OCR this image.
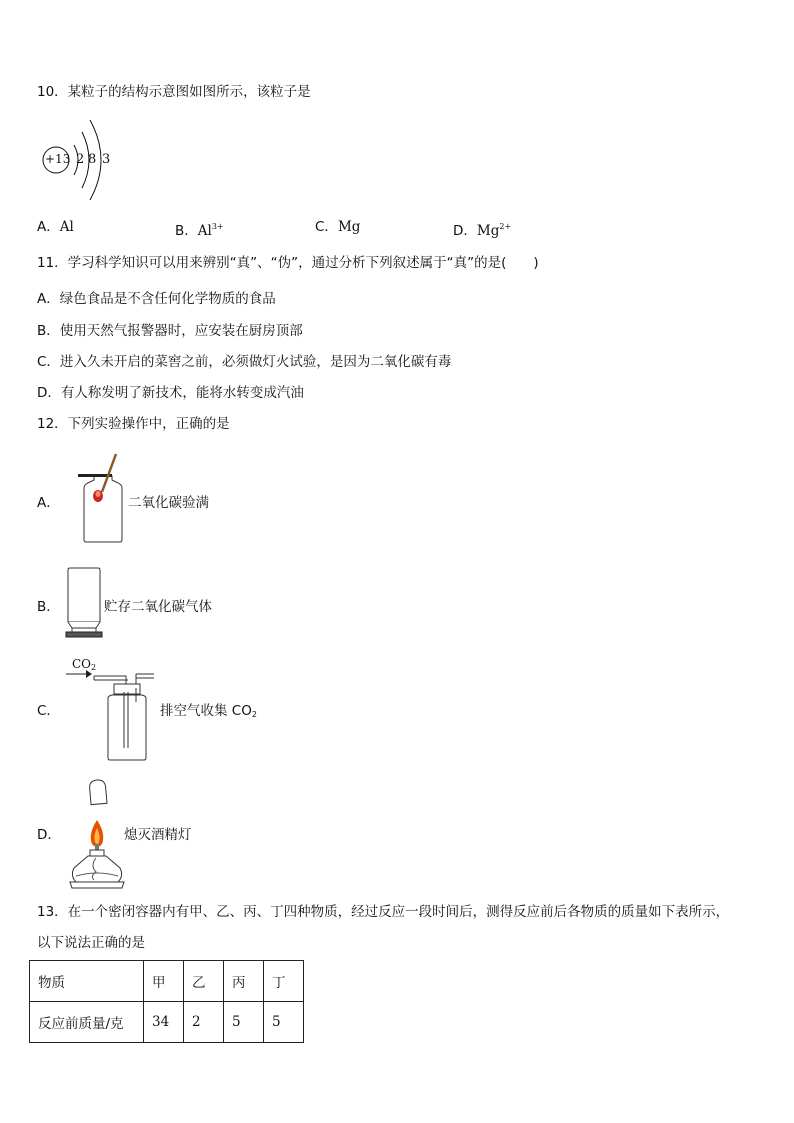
10．某粒子的结构示意图如图所示，该粒子是
+13 2 8 3
A．Al	B．$Al^{3+}$	C．Mg	D．$Mg^{2+}$
11．学习科学知识可以用来辨别“真”、“伪”，通过分析下列叙述属于“真”的是(　　)
A．绿色食品是不含任何化学物质的食品
B．使用天然气报警器时，应安装在厨房顶部
C．进入久未开启的菜窖之前，必须做灯火试验，是因为二氧化碳有毒
D．有人称发明了新技术，能将水转变成汽油
12．下列实验操作中，正确的是
A．	二氧化碳验满
B．	贮存二氧化碳气体
C．
$CO_2$
排空气收集 $CO_2$
D．	熄灭酒精灯
13．在一个密闭容器内有甲、乙、丙、丁四种物质，经过反应一段时间后，测得反应前后各物质的质量如下表所示，
以下说法正确的是
物质	甲	乙	丙	丁
反应前质量/克	34	2	5	5
